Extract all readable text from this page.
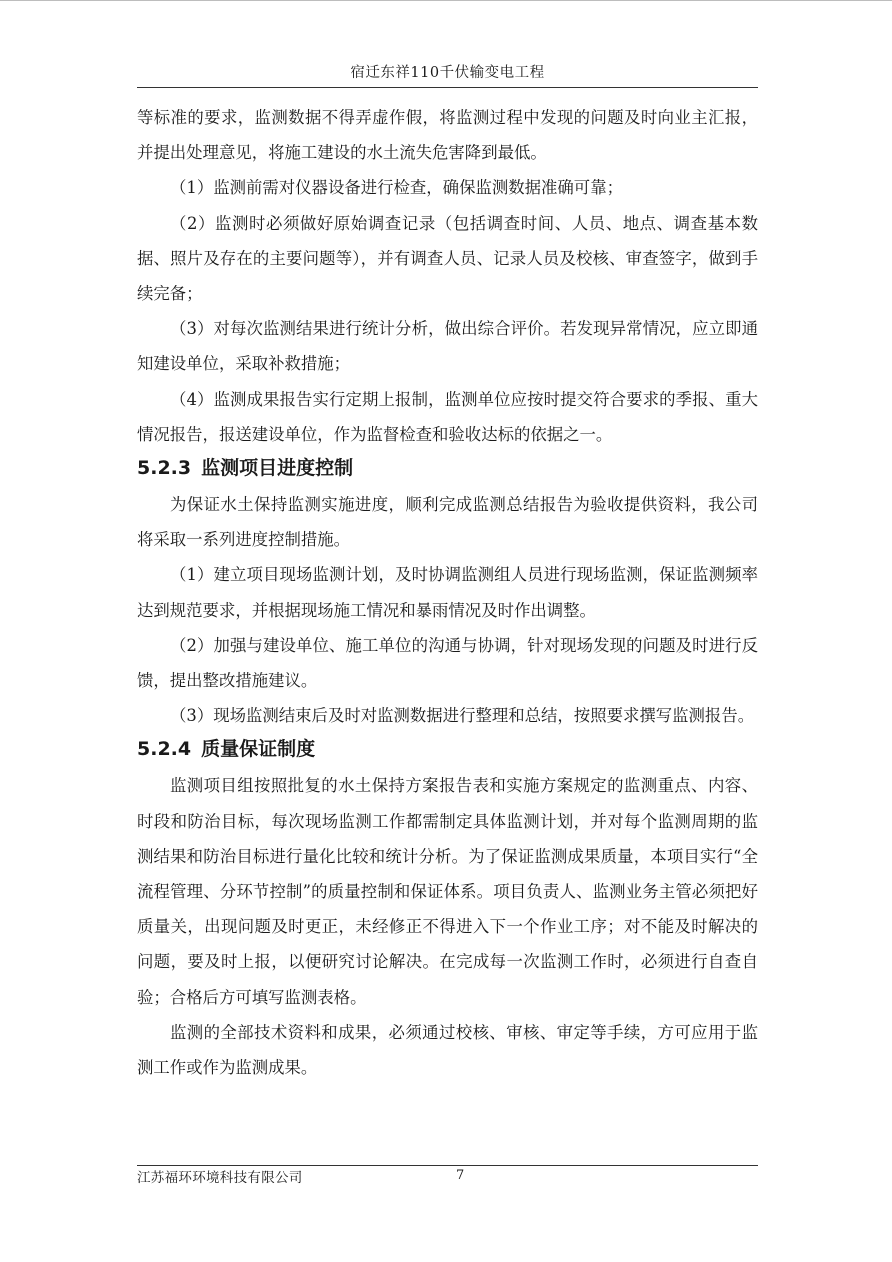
宿迁东祥110千伏输变电工程

等标准的要求，监测数据不得弄虚作假，将监测过程中发现的问题及时向业主汇报，并提出处理意见，将施工建设的水土流失危害降到最低。

（1）监测前需对仪器设备进行检查，确保监测数据准确可靠；

（2）监测时必须做好原始调查记录（包括调查时间、人员、地点、调查基本数据、照片及存在的主要问题等），并有调查人员、记录人员及校核、审查签字，做到手续完备；

（3）对每次监测结果进行统计分析，做出综合评价。若发现异常情况，应立即通知建设单位，采取补救措施；

（4）监测成果报告实行定期上报制，监测单位应按时提交符合要求的季报、重大情况报告，报送建设单位，作为监督检查和验收达标的依据之一。

5.2.3 监测项目进度控制

为保证水土保持监测实施进度，顺利完成监测总结报告为验收提供资料，我公司将采取一系列进度控制措施。

（1）建立项目现场监测计划，及时协调监测组人员进行现场监测，保证监测频率达到规范要求，并根据现场施工情况和暴雨情况及时作出调整。

（2）加强与建设单位、施工单位的沟通与协调，针对现场发现的问题及时进行反馈，提出整改措施建议。

（3）现场监测结束后及时对监测数据进行整理和总结，按照要求撰写监测报告。

5.2.4 质量保证制度

监测项目组按照批复的水土保持方案报告表和实施方案规定的监测重点、内容、时段和防治目标，每次现场监测工作都需制定具体监测计划，并对每个监测周期的监测结果和防治目标进行量化比较和统计分析。为了保证监测成果质量，本项目实行“全流程管理、分环节控制”的质量控制和保证体系。项目负责人、监测业务主管必须把好质量关，出现问题及时更正，未经修正不得进入下一个作业工序；对不能及时解决的问题，要及时上报，以便研究讨论解决。在完成每一次监测工作时，必须进行自查自验；合格后方可填写监测表格。

监测的全部技术资料和成果，必须通过校核、审核、审定等手续，方可应用于监测工作或作为监测成果。

江苏福环环境科技有限公司	7
